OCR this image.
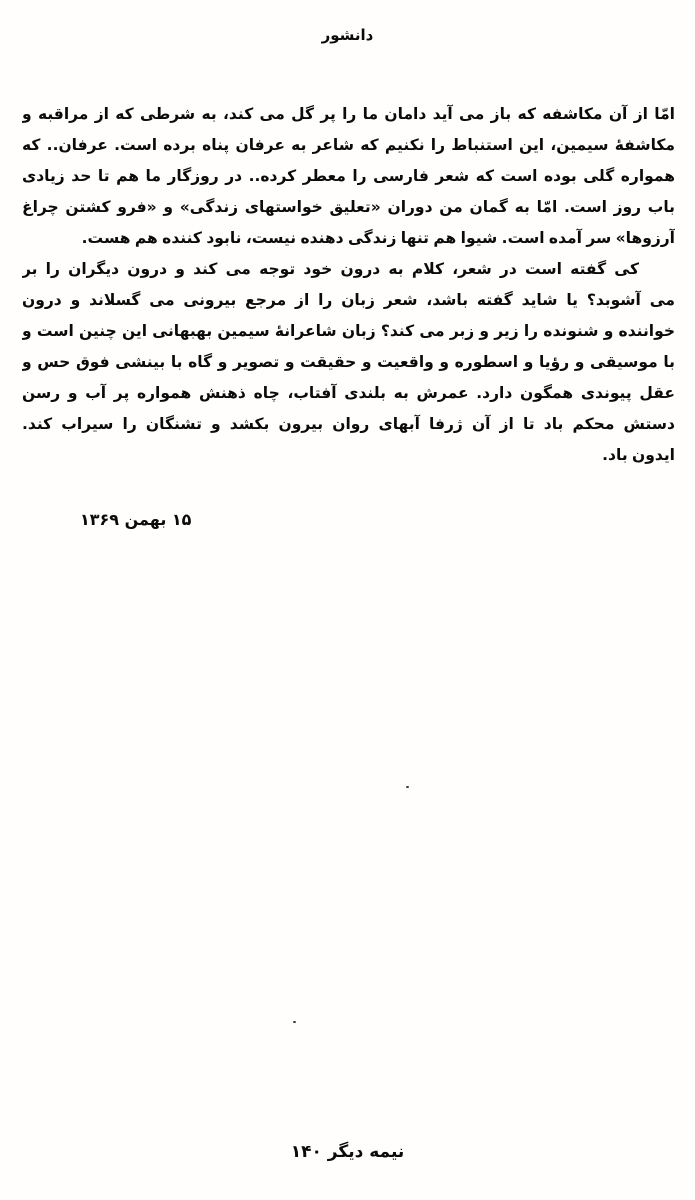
دانشور
امّا از آن مکاشفه که باز می آید دامان ما را پر گل می کند، به شرطی که از مراقبه و
مکاشفهٔ سیمین، این استنباط را نکنیم که شاعر به عرفان پناه برده است. عرفان.. که
همواره گلی بوده است که شعر فارسی را معطر کرده.. در روزگار ما هم تا حد زیادی
باب روز است. امّا به گمان من دوران «تعلیق خواستهای زندگی» و «فرو کشتن چراغ
آرزوها» سر آمده است. شیوا هم تنها زندگی دهنده نیست، نابود کننده هم هست.
کی گفته است در شعر، کلام به درون خود توجه می کند و درون دیگران را بر
می آشوبد؟ یا شاید گفته باشد، شعر زبان را از مرجع بیرونی می گسلاند و درون
خواننده و شنونده را زیر و زبر می کند؟ زبان شاعرانهٔ سیمین بهبهانی این چنین است و
با موسیقی و رؤیا و اسطوره و واقعیت و حقیقت و تصویر و گاه با بینشی فوق حس و
عقل پیوندی همگون دارد. عمرش به بلندی آفتاب، چاه ذهنش همواره پر آب و رسن
دستش محکم باد تا از آن ژرفا آبهای روان بیرون بکشد و تشنگان را سیراب کند.
ایدون باد.
۱۵ بهمن ۱۳۶۹
نیمه دیگر ۱۴۰
